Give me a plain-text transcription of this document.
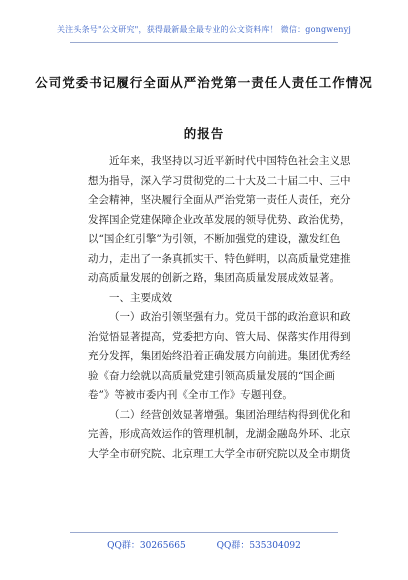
关注头条号"公文研究"，获得最新最全最专业的公文资料库！ 微信：gongwenyj
公司党委书记履行全面从严治党第一责任人责任工作情况
的报告
近年来，我坚持以习近平新时代中国特色社会主义思
想为指导，深入学习贯彻党的二十大及二十届二中、三中
全会精神，坚决履行全面从严治党第一责任人责任，充分
发挥国企党建保障企业改革发展的领导优势、政治优势，
以“国企红引擎”为引领，不断加强党的建设，激发红色
动力，走出了一条真抓实干、特色鲜明，以高质量党建推
动高质量发展的创新之路，集团高质量发展成效显著。
一、主要成效
（一）政治引领坚强有力。党员干部的政治意识和政
治觉悟显著提高，党委把方向、管大局、保落实作用得到
充分发挥，集团始终沿着正确发展方向前进。集团优秀经
验《奋力绘就以高质量党建引领高质量发展的“国企画
卷”》等被市委内刊《全市工作》专题刊登。
（二）经营创效显著增强。集团治理结构得到优化和
完善，形成高效运作的管理机制，龙湖金融岛外环、北京
大学全市研究院、北京理工大学全市研究院以及全市期货
QQ群：30265665	QQ群：535304092
